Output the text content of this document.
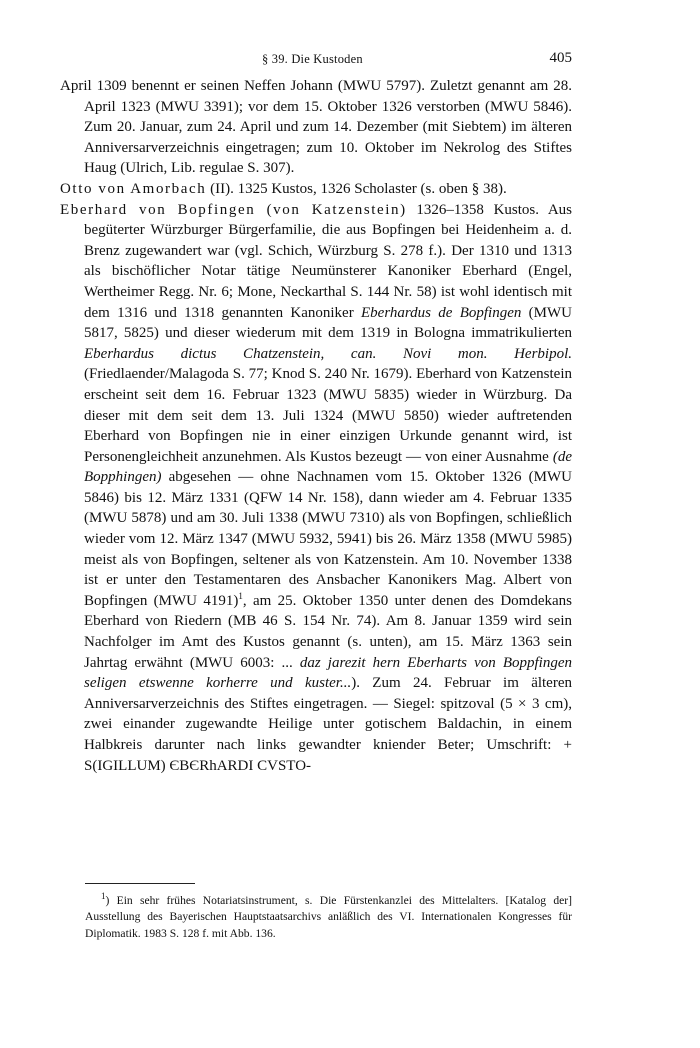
§ 39. Die Kustoden	405

April 1309 benennt er seinen Neffen Johann (MWU 5797). Zuletzt genannt am 28. April 1323 (MWU 3391); vor dem 15. Oktober 1326 verstorben (MWU 5846). Zum 20. Januar, zum 24. April und zum 14. Dezember (mit Siebtem) im älteren Anniversarverzeichnis eingetragen; zum 10. Oktober im Nekrolog des Stiftes Haug (Ulrich, Lib. regulae S. 307).

Otto von Amorbach (II). 1325 Kustos, 1326 Scholaster (s. oben § 38).

Eberhard von Bopfingen (von Katzenstein) 1326–1358 Kustos. Aus begüterter Würzburger Bürgerfamilie, die aus Bopfingen bei Heidenheim a. d. Brenz zugewandert war (vgl. Schich, Würzburg S. 278 f.). Der 1310 und 1313 als bischöflicher Notar tätige Neumünsterer Kanoniker Eberhard (Engel, Wertheimer Regg. Nr. 6; Mone, Neckarthal S. 144 Nr. 58) ist wohl identisch mit dem 1316 und 1318 genannten Kanoniker Eberhardus de Bopfingen (MWU 5817, 5825) und dieser wiederum mit dem 1319 in Bologna immatrikulierten Eberhardus dictus Chatzenstein, can. Novi mon. Herbipol. (Friedlaender/Malagoda S. 77; Knod S. 240 Nr. 1679). Eberhard von Katzenstein erscheint seit dem 16. Februar 1323 (MWU 5835) wieder in Würzburg. Da dieser mit dem seit dem 13. Juli 1324 (MWU 5850) wieder auftretenden Eberhard von Bopfingen nie in einer einzigen Urkunde genannt wird, ist Personengleichheit anzunehmen. Als Kustos bezeugt — von einer Ausnahme (de Bopphingen) abgesehen — ohne Nachnamen vom 15. Oktober 1326 (MWU 5846) bis 12. März 1331 (QFW 14 Nr. 158), dann wieder am 4. Februar 1335 (MWU 5878) und am 30. Juli 1338 (MWU 7310) als von Bopfingen, schließlich wieder vom 12. März 1347 (MWU 5932, 5941) bis 26. März 1358 (MWU 5985) meist als von Bopfingen, seltener als von Katzenstein. Am 10. November 1338 ist er unter den Testamentaren des Ansbacher Kanonikers Mag. Albert von Bopfingen (MWU 4191)$^1$, am 25. Oktober 1350 unter denen des Domdekans Eberhard von Riedern (MB 46 S. 154 Nr. 74). Am 8. Januar 1359 wird sein Nachfolger im Amt des Kustos genannt (s. unten), am 15. März 1363 sein Jahrtag erwähnt (MWU 6003: ... daz jarezit hern Eberharts von Boppfingen seligen etswenne korherre und kuster...). Zum 24. Februar im älteren Anniversarverzeichnis des Stiftes eingetragen. — Siegel: spitzoval (5 × 3 cm), zwei einander zugewandte Heilige unter gotischem Baldachin, in einem Halbkreis darunter nach links gewandter kniender Beter; Umschrift: + S(IGILLUM) ЄBЄRhARDI CVSTO-

$^1$) Ein sehr frühes Notariatsinstrument, s. Die Fürstenkanzlei des Mittelalters. [Katalog der] Ausstellung des Bayerischen Hauptstaatsarchivs anläßlich des VI. Internationalen Kongresses für Diplomatik. 1983 S. 128 f. mit Abb. 136.
